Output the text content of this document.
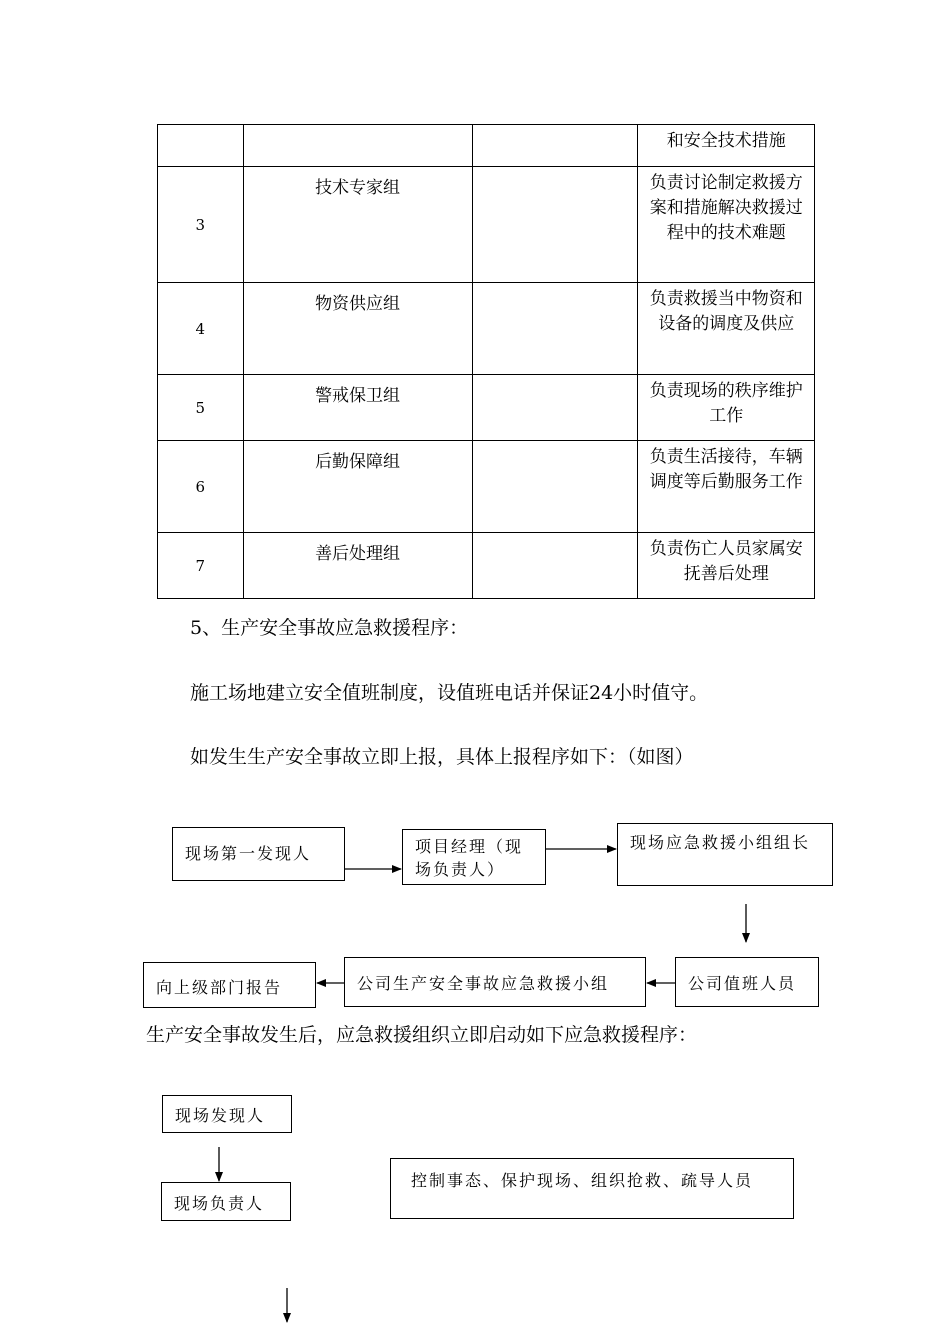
			和安全技术措施
3	技术专家组		负责讨论制定救援方案和措施解决救援过程中的技术难题
4	物资供应组		负责救援当中物资和设备的调度及供应
5	警戒保卫组		负责现场的秩序维护工作
6	后勤保障组		负责生活接待，车辆调度等后勤服务工作
7	善后处理组		负责伤亡人员家属安抚善后处理
5、生产安全事故应急救援程序：
施工场地建立安全值班制度，设值班电话并保证24小时值守。
如发生生产安全事故立即上报，具体上报程序如下：（如图）
现场第一发现人	项目经理（现场负责人）
现场应急救援小组组长
公司值班人员
公司生产安全事故应急救援小组
向上级部门报告
生产安全事故发生后，应急救援组织立即启动如下应急救援程序：
现场发现人
现场负责人
控制事态、保护现场、组织抢救、疏导人员
